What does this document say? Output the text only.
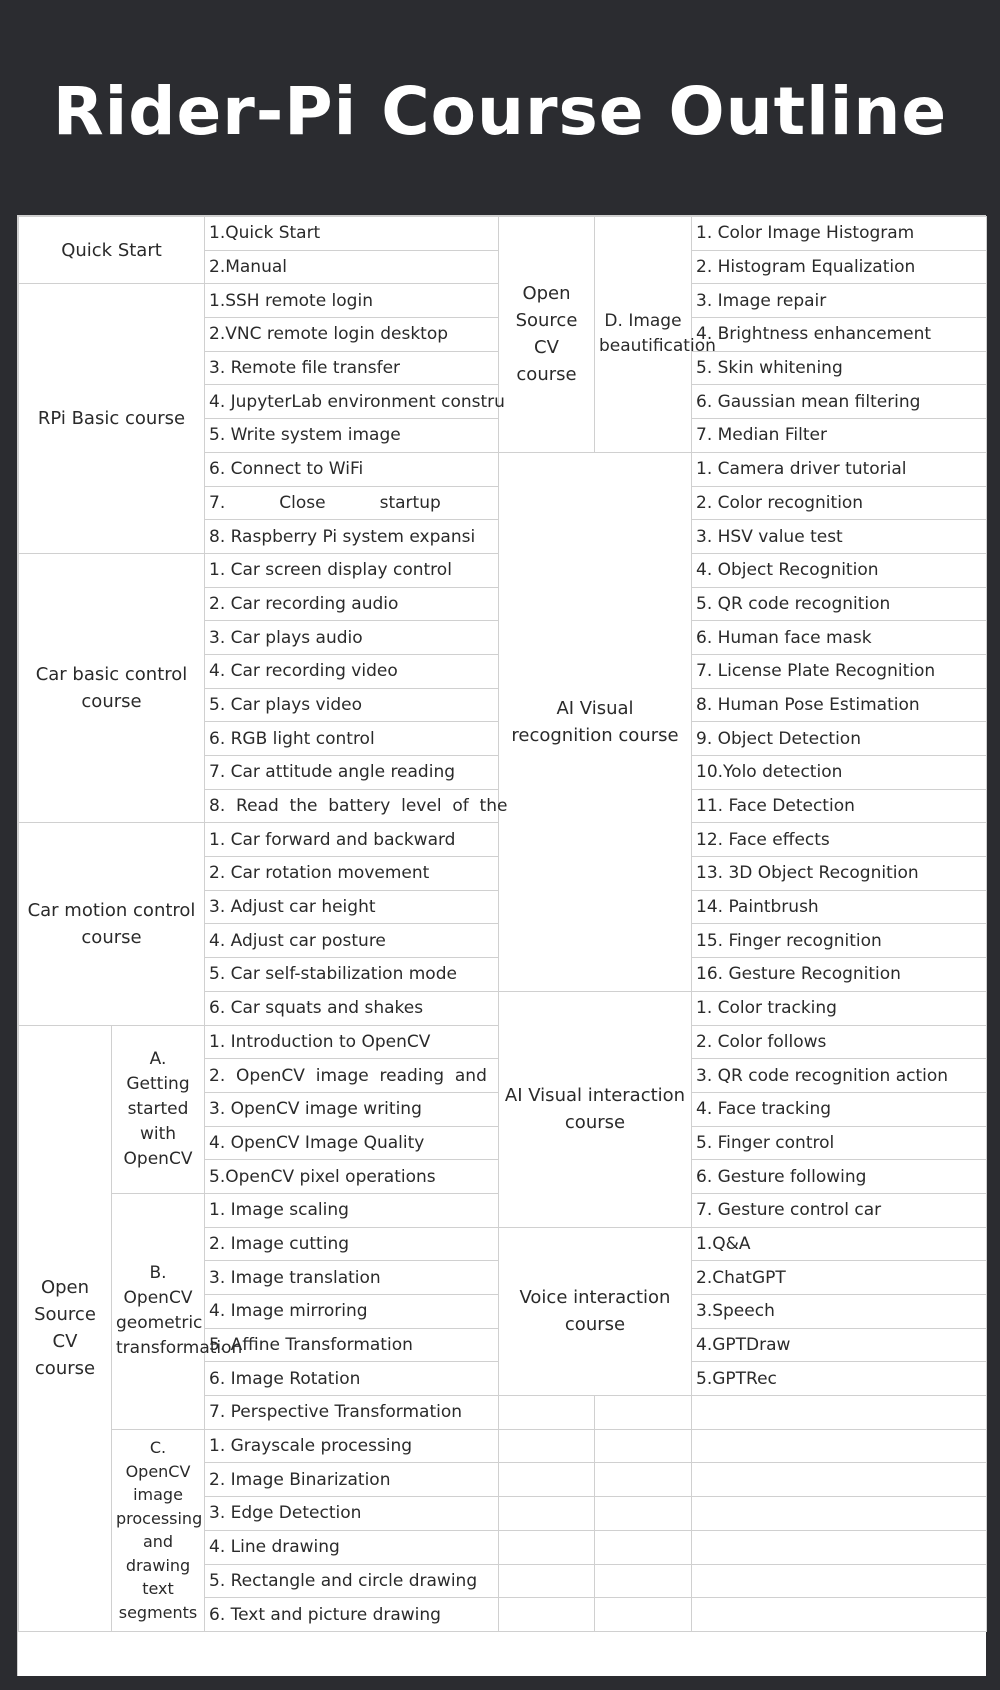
Rider-Pi Course Outline
Quick Start		1.Quick Start	Open Source CV course	D. Image beautification	1. Color Image Histogram
		2.Manual			2. Histogram Equalization
RPi Basic course		1.SSH remote login			3. Image repair
		2.VNC remote login desktop			4. Brightness enhancement
		3. Remote file transfer			5. Skin whitening
		4. JupyterLab environment constru			6. Gaussian mean filtering
		5. Write system image			7. Median Filter
		6. Connect to WiFi	AI Visual recognition course		1. Camera driver tutorial
		7.          Close          startup			2. Color recognition
		8. Raspberry Pi system expansi			3. HSV value test
Car basic control course		1. Car screen display control			4. Object Recognition
		2. Car recording audio			5. QR code recognition
		3. Car plays audio			6. Human face mask
		4. Car recording video			7. License Plate Recognition
		5. Car plays video			8. Human Pose Estimation
		6. RGB light control			9. Object Detection
		7. Car attitude angle reading			10.Yolo detection
		8.  Read  the  battery  level  of  the			11. Face Detection
Car motion control course		1. Car forward and backward			12. Face effects
		2. Car rotation movement			13. 3D Object Recognition
		3. Adjust car height			14. Paintbrush
		4. Adjust car posture			15. Finger recognition
		5. Car self-stabilization mode			16. Gesture Recognition
		6. Car squats and shakes	AI Visual interaction course		1. Color tracking
Open Source CV course	A. Getting started with OpenCV	1. Introduction to OpenCV			2. Color follows
		2.  OpenCV  image  reading  and			3. QR code recognition action
		3. OpenCV image writing			4. Face tracking
		4. OpenCV Image Quality			5. Finger control
		5.OpenCV pixel operations			6. Gesture following
	B. OpenCV geometric transformation	1. Image scaling			7. Gesture control car
		2. Image cutting	Voice interaction course		1.Q&A
		3. Image translation			2.ChatGPT
		4. Image mirroring			3.Speech
		5. Affine Transformation			4.GPTDraw
		6. Image Rotation			5.GPTRec
		7. Perspective Transformation			
	C. OpenCV image processing and drawing text segments	1. Grayscale processing			
		2. Image Binarization			
		3. Edge Detection			
		4. Line drawing			
		5. Rectangle and circle drawing			
		6. Text and picture drawing			
